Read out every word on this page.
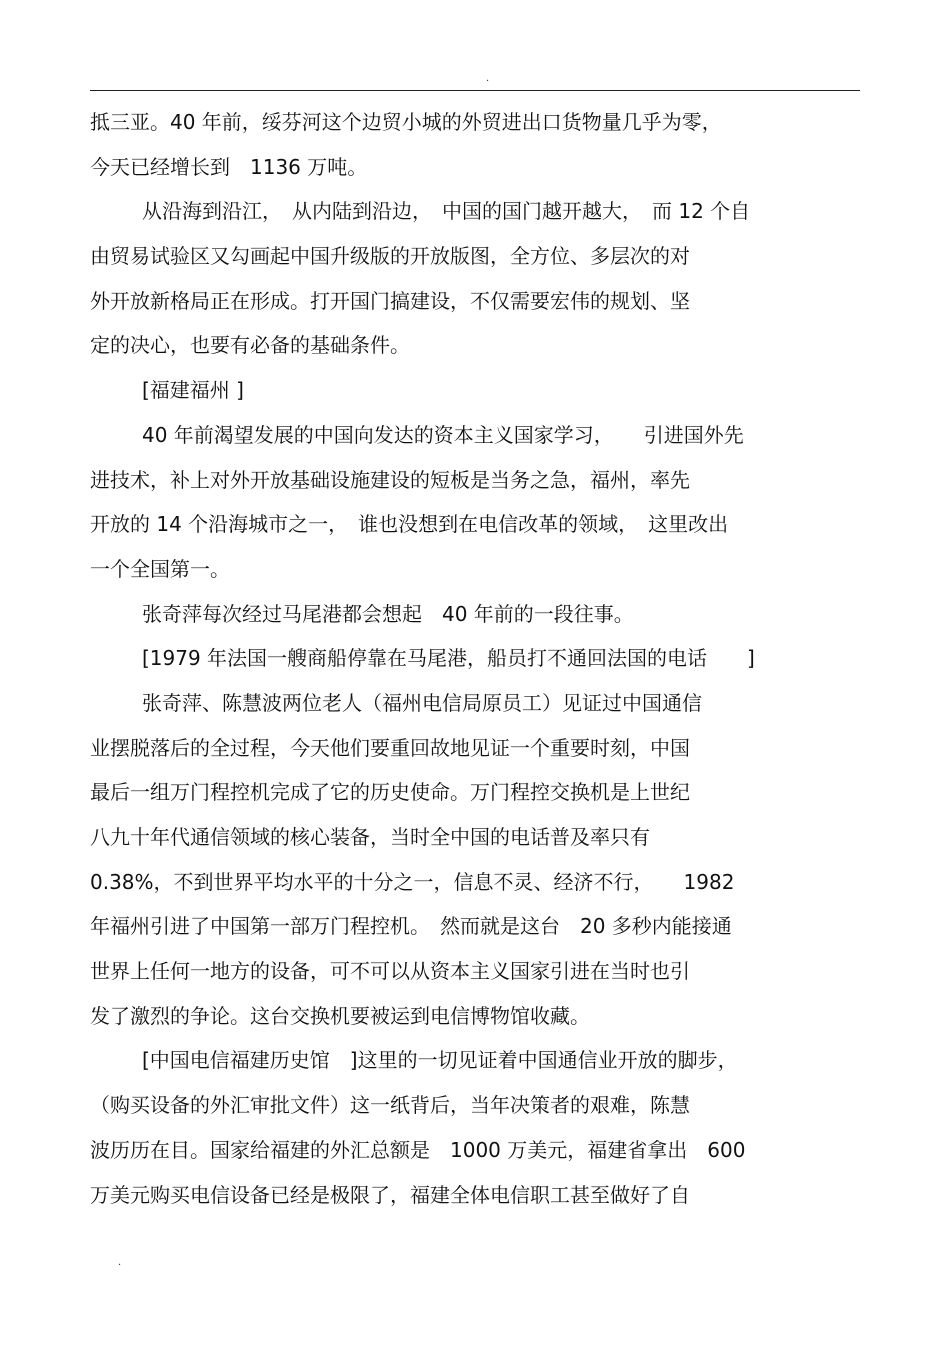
.
抵三亚。40 年前，绥芬河这个边贸小城的外贸进出口货物量几乎为零，
今天已经增长到　1136 万吨。
从沿海到沿江，　从内陆到沿边，　中国的国门越开越大，　而 12 个自
由贸易试验区又勾画起中国升级版的开放版图，全方位、多层次的对
外开放新格局正在形成。打开国门搞建设，不仅需要宏伟的规划、坚
定的决心，也要有必备的基础条件。
[福建福州 ]
40 年前渴望发展的中国向发达的资本主义国家学习，　　引进国外先
进技术，补上对外开放基础设施建设的短板是当务之急，福州，率先
开放的 14 个沿海城市之一，　谁也没想到在电信改革的领域，　这里改出
一个全国第一。
张奇萍每次经过马尾港都会想起　40 年前的一段往事。
[1979 年法国一艘商船停靠在马尾港，船员打不通回法国的电话　　]
张奇萍、陈慧波两位老人（福州电信局原员工）见证过中国通信
业摆脱落后的全过程，今天他们要重回故地见证一个重要时刻，中国
最后一组万门程控机完成了它的历史使命。万门程控交换机是上世纪
八九十年代通信领域的核心装备，当时全中国的电话普及率只有
0.38%，不到世界平均水平的十分之一，信息不灵、经济不行，　　1982
年福州引进了中国第一部万门程控机。　然而就是这台　20 多秒内能接通
世界上任何一地方的设备，可不可以从资本主义国家引进在当时也引
发了激烈的争论。这台交换机要被运到电信博物馆收藏。
[中国电信福建历史馆　]这里的一切见证着中国通信业开放的脚步，
（购买设备的外汇审批文件）这一纸背后，当年决策者的艰难，陈慧
波历历在目。国家给福建的外汇总额是　1000 万美元，福建省拿出　600
万美元购买电信设备已经是极限了，福建全体电信职工甚至做好了自
.
